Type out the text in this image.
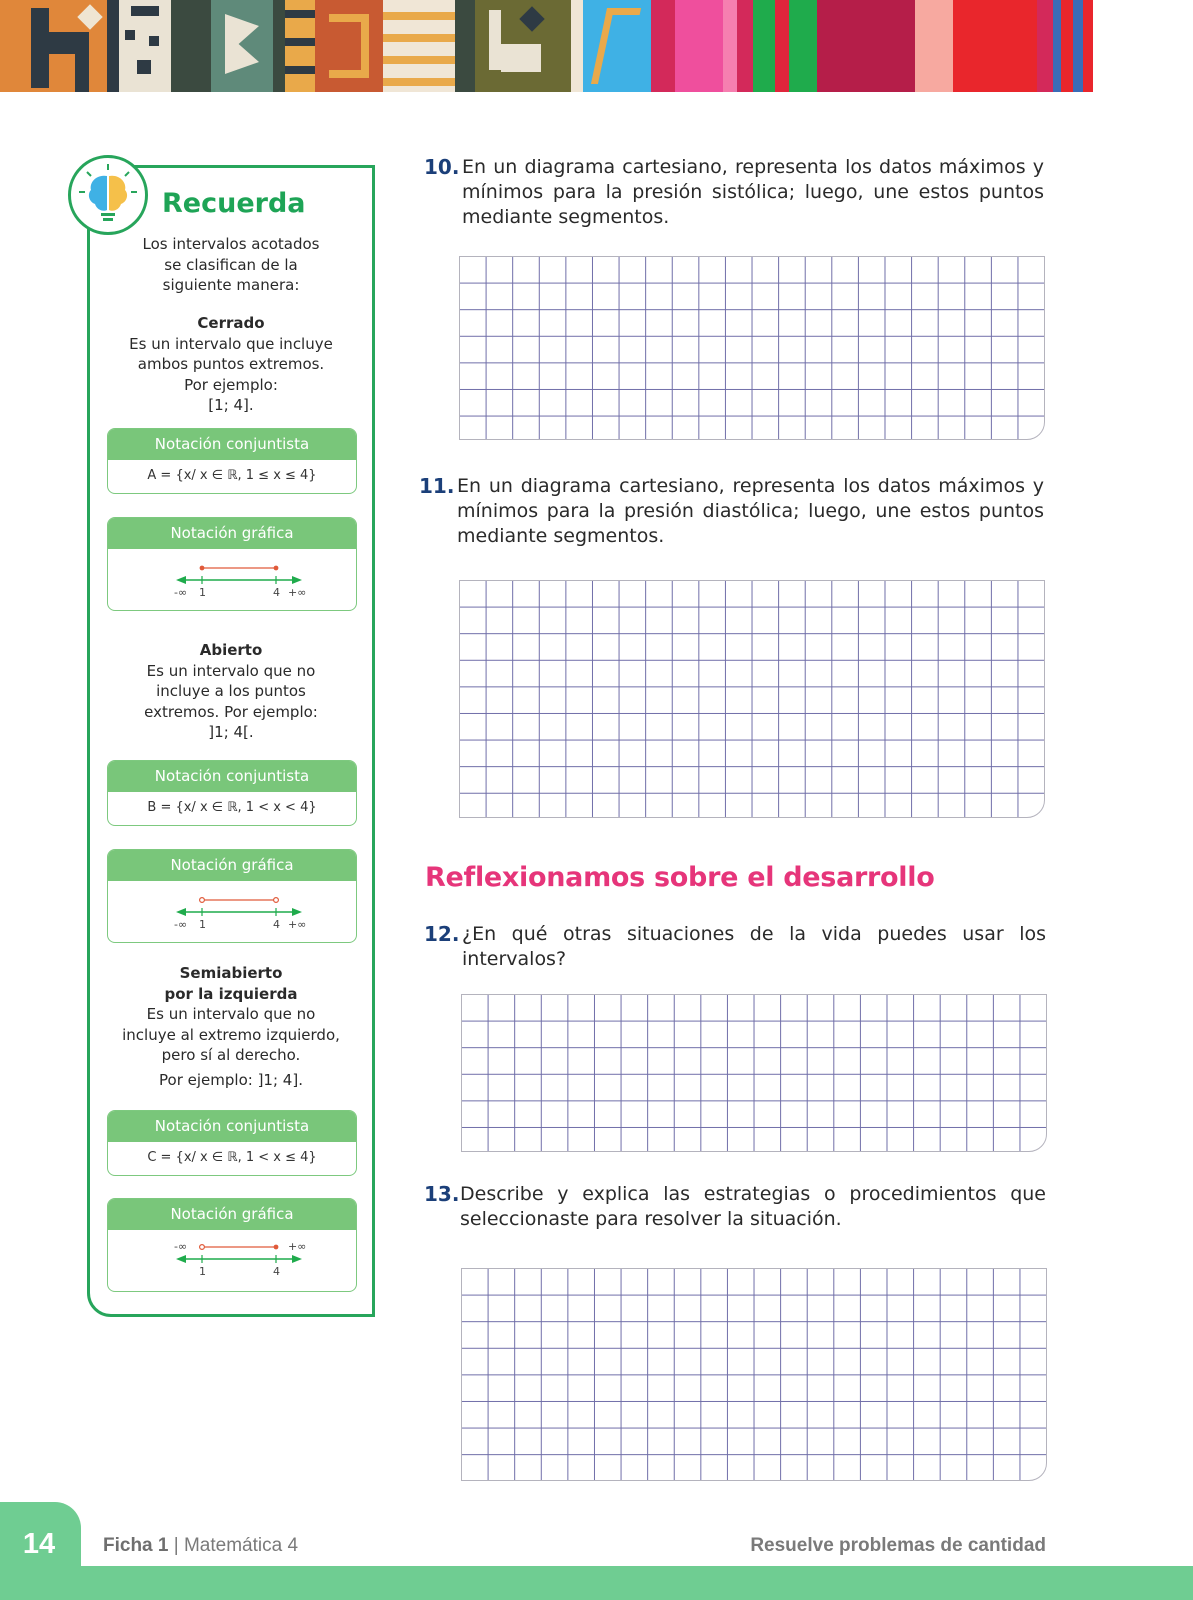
Recuerda
Los intervalos acotados
se clasifican de la
siguiente manera:
Cerrado
Es un intervalo que incluye
ambos puntos extremos.
Por ejemplo:
[1; 4].
Notación conjuntista
A = {x/ x ∈ ℝ, 1 ≤ x ≤ 4}
Notación gráfica
-∞ 1	4 +∞
Abierto
Es un intervalo que no
incluye a los puntos
extremos. Por ejemplo:
]1; 4[.
Notación conjuntista
B = {x/ x ∈ ℝ, 1 < x < 4}
Notación gráfica
-∞ 1	4 +∞
Semiabierto
por la izquierda
Es un intervalo que no
incluye al extremo izquierdo,
pero sí al derecho.
Por ejemplo: ]1; 4].
Notación conjuntista
C = {x/ x ∈ ℝ, 1 < x ≤ 4}
Notación gráfica
-∞	+∞
1	4
10. En un diagrama cartesiano, representa los datos máximos y mínimos para la presión sistólica; luego, une estos puntos mediante segmentos.
11. En un diagrama cartesiano, representa los datos máximos y mínimos para la presión diastólica; luego, une estos puntos mediante segmentos.
Reflexionamos sobre el desarrollo
12. ¿En qué otras situaciones de la vida puedes usar los intervalos?
13. Describe y explica las estrategias o procedimientos que seleccionaste para resolver la situación.
14	Ficha 1 | Matemática 4	Resuelve problemas de cantidad
